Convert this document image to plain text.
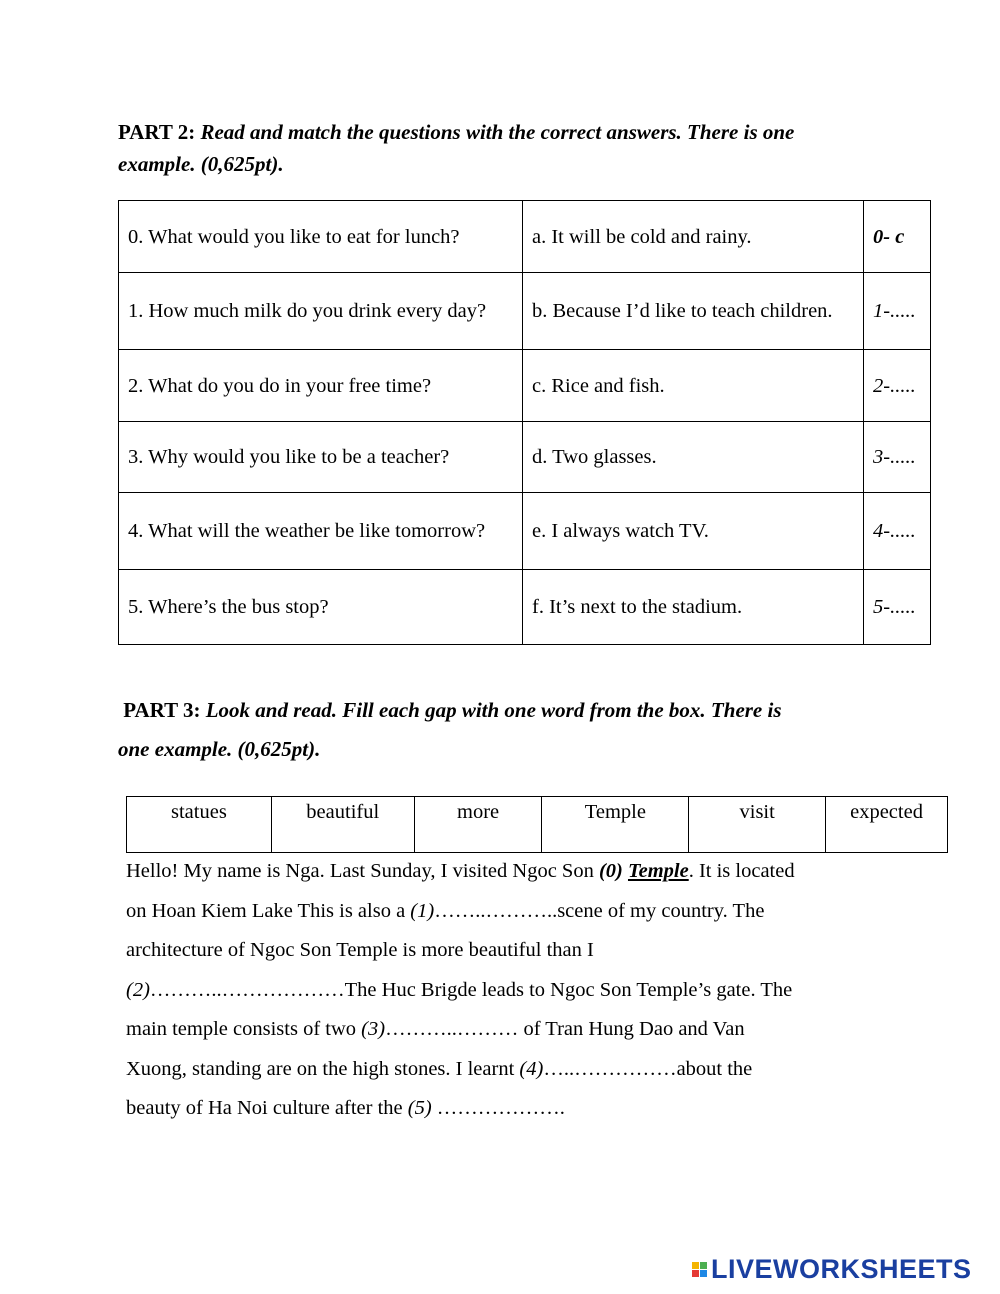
PART 2: Read and match the questions with the correct answers. There is one
example. (0,625pt).
0. What would you like to eat for lunch?	a. It will be cold and rainy.	0- c
1. How much milk do you drink every day?	b. Because I’d like to teach children.	1-.....
2. What do you do in your free time?	c. Rice and fish.	2-.....
3. Why would you like to be a teacher?	d. Two glasses.	3-.....
4. What will the weather be like tomorrow?	e. I always watch TV.	4-.....
5. Where’s the bus stop?	f. It’s next to the stadium.	5-.....
PART 3: Look and read. Fill each gap with one word from the box. There is
one example. (0,625pt).
statues	beautiful	more	Temple	visit	expected
Hello! My name is Nga. Last Sunday, I visited Ngoc Son (0) Temple. It is located
on Hoan Kiem Lake This is also a (1)……..………..scene of my country. The
architecture of Ngoc Son Temple is more beautiful than I
(2)………..………………The Huc Brigde leads to Ngoc Son Temple’s gate. The
main temple consists of two (3)………..……… of Tran Hung Dao and Van
Xuong, standing are on the high stones. I learnt (4)…..……………about the
beauty of Ha Noi culture after the (5) ……………….
LIVEWORKSHEETS
